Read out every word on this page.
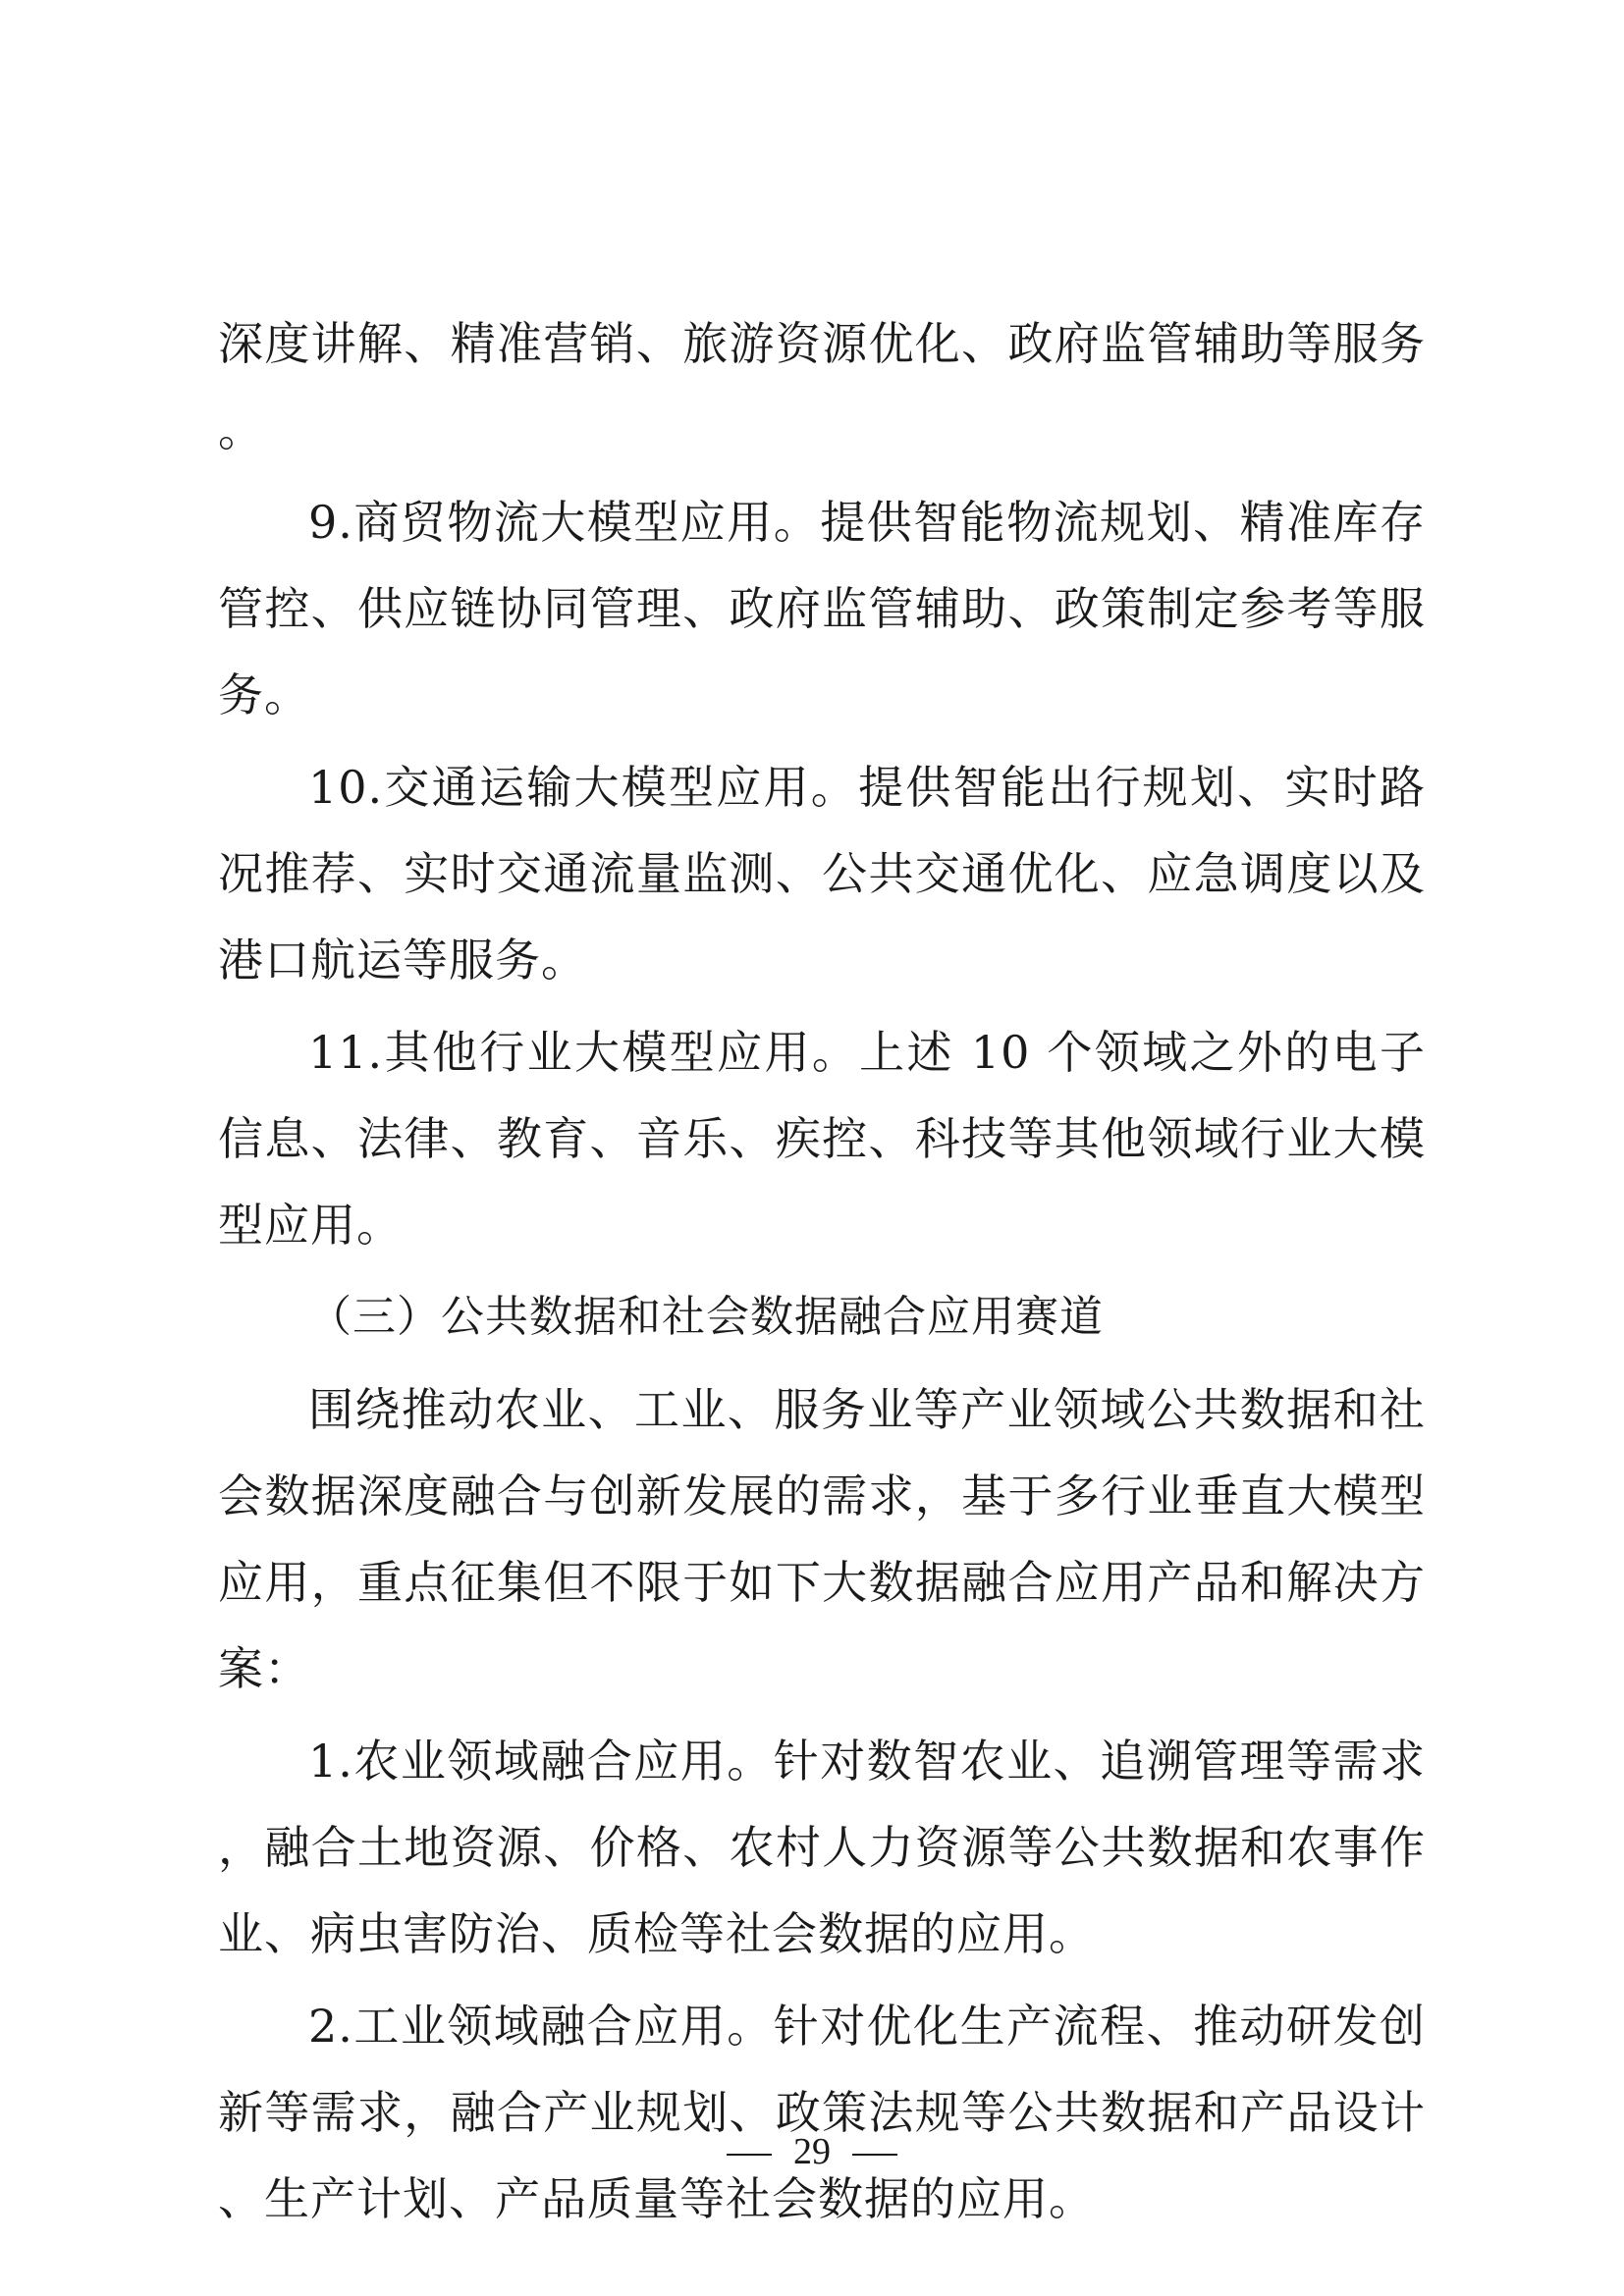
深度讲解、精准营销、旅游资源优化、政府监管辅助等服务。

9.商贸物流大模型应用。提供智能物流规划、精准库存管控、供应链协同管理、政府监管辅助、政策制定参考等服务。

10.交通运输大模型应用。提供智能出行规划、实时路况推荐、实时交通流量监测、公共交通优化、应急调度以及港口航运等服务。

11.其他行业大模型应用。上述 10 个领域之外的电子信息、法律、教育、音乐、疾控、科技等其他领域行业大模型应用。

（三）公共数据和社会数据融合应用赛道

围绕推动农业、工业、服务业等产业领域公共数据和社会数据深度融合与创新发展的需求，基于多行业垂直大模型应用，重点征集但不限于如下大数据融合应用产品和解决方案：

1.农业领域融合应用。针对数智农业、追溯管理等需求，融合土地资源、价格、农村人力资源等公共数据和农事作业、病虫害防治、质检等社会数据的应用。

2.工业领域融合应用。针对优化生产流程、推动研发创新等需求，融合产业规划、政策法规等公共数据和产品设计、生产计划、产品质量等社会数据的应用。

29
